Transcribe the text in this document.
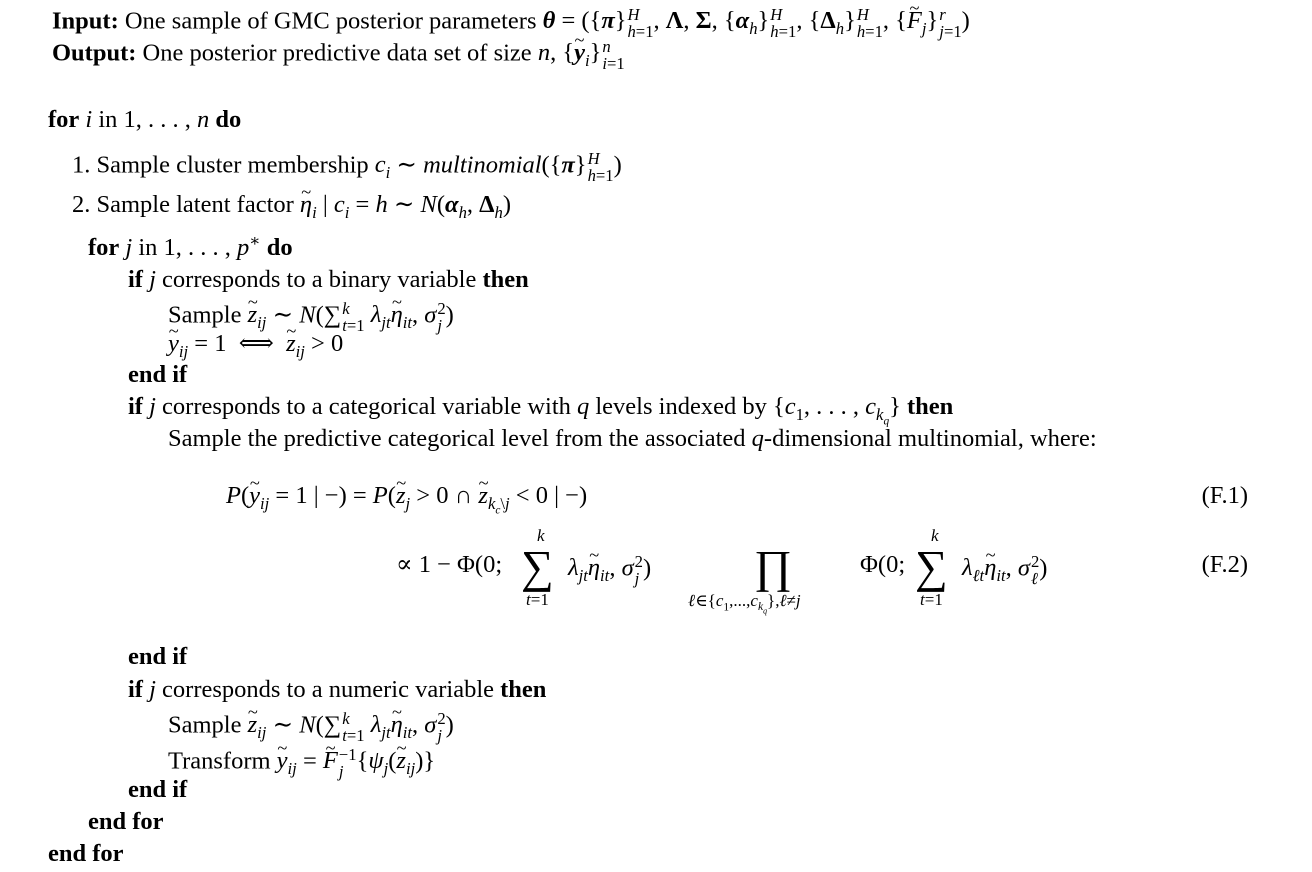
Input: One sample of GMC posterior parameters θ = ({π} H
h=1 , Λ, Σ, $\{\alpha_h\}$ H
h=1 , $\{\Delta_h\}$ H
h=1 , {~ $F_j$} r
j=1 )
Output: One posterior predictive data set of size n, {~ $y_i$} n
i=1
for i in 1, . . . , n do
1. Sample cluster membership $c_i$ ∼ multinomial({π} H
h=1 )
2. Sample latent factor ~ $\eta_i$ | $c_i = h$ ∼ $N(\alpha_h$, $\Delta_h$)
for j in 1, . . . , p∗ do
if j corresponds to a binary variable then
Sample ~ $z_{ij}$ ∼ N(∑ k
t=1 $\lambda_{jt}\sim$ $\eta_{it}$, σ 2
j )
~ $y_{ij} = 1$  ⟺  ~ $z_{ij} > 0$
end if
if j corresponds to a categorical variable with q levels indexed by {$c_1$, . . . , $c_{k_q}$} then
Sample the predictive categorical level from the associated q-dimensional multinomial, where:
P(~ $y_{ij} = 1$ | −) = P(~ $z_j > 0$ ∩ ~ $z_{k_c\backslash j} < 0$ | −)	(F.1)
∝ 1 − Φ(0; ∑
k
t=1
$\lambda_{jt}\sim$ $\eta_{it}$, σ 2
j ) ∏
$\ell\in\{c_1,...,c_{k_q}\},\ell\ne j$
Φ(0; ∑
k
t=1
$\lambda_{\ell t}\sim$ $\eta_{it}$, σ 2
ℓ )	(F.2)
end if
if j corresponds to a numeric variable then
Sample ~ $z_{ij}$ ∼ N(∑ k
t=1 $\lambda_{jt}\sim$ $\eta_{it}$, σ 2
j )
Transform ~ $y_{ij}$ = ~ F −1
j {$\psi_j(\sim$ $z_{ij}$)}
end if
end for
end for
